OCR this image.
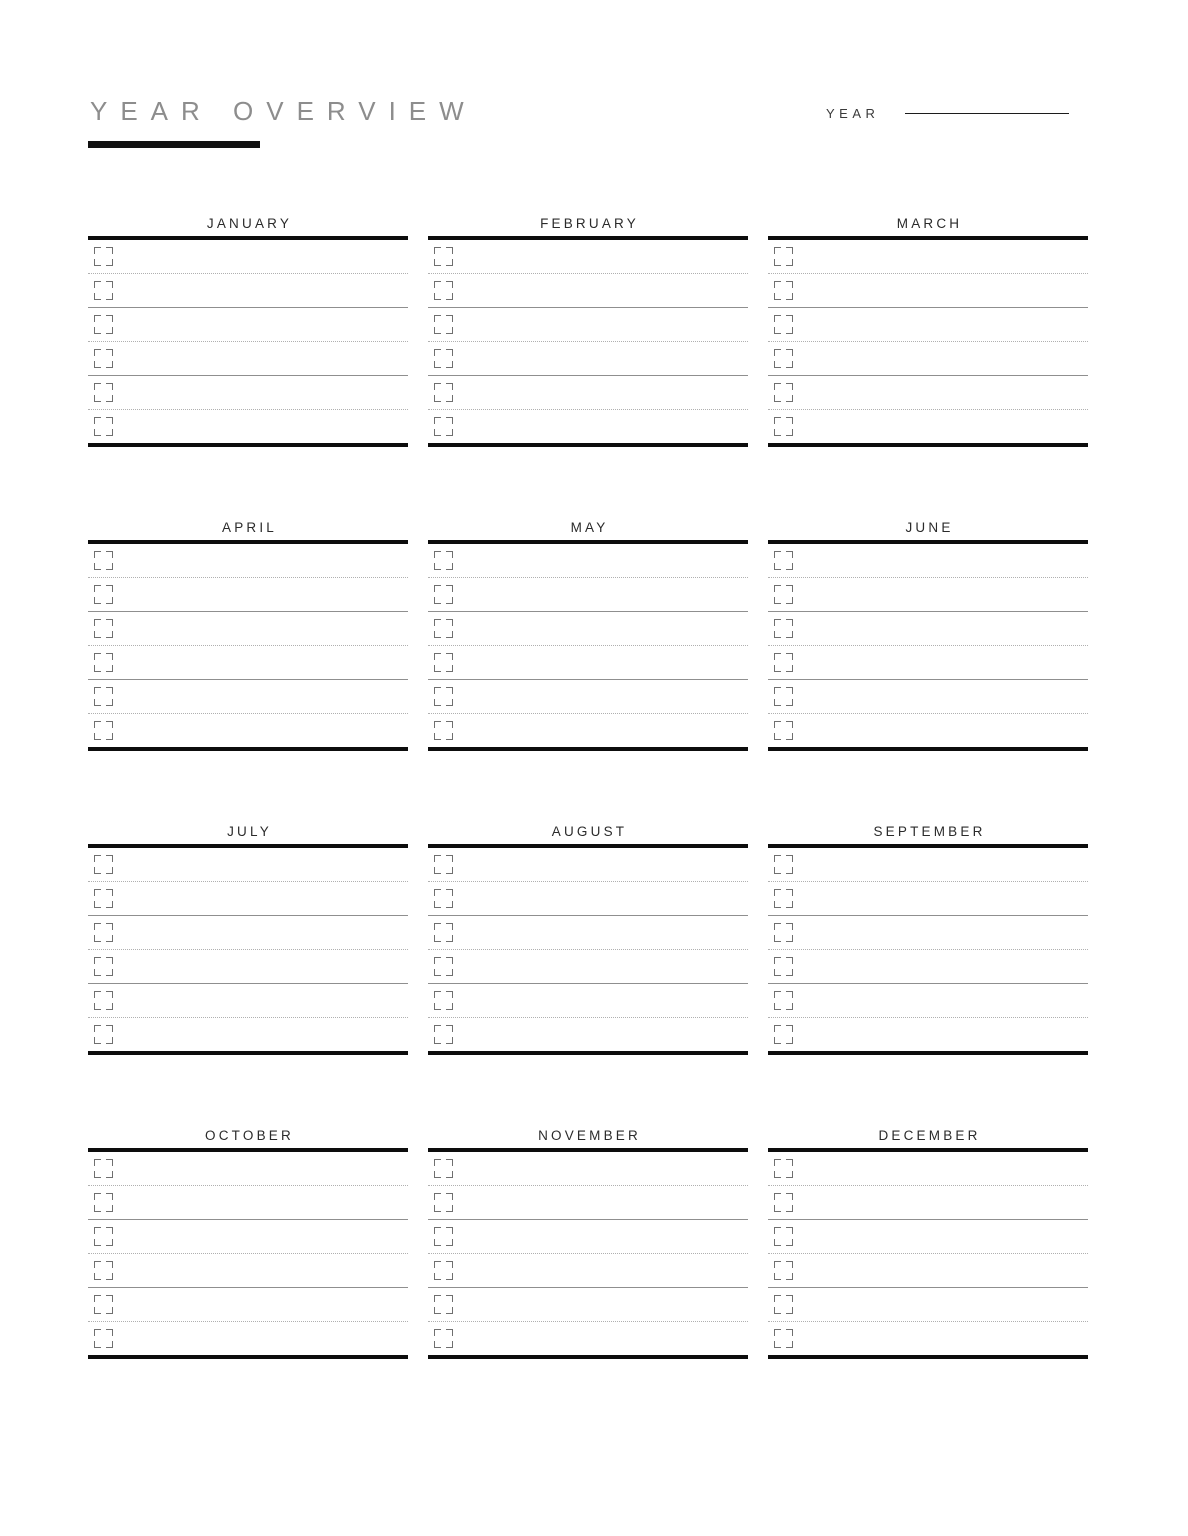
YEAR OVERVIEW	YEAR
JANUARY	FEBRUARY	MARCH
APRIL	MAY	JUNE
JULY	AUGUST	SEPTEMBER
OCTOBER	NOVEMBER	DECEMBER
